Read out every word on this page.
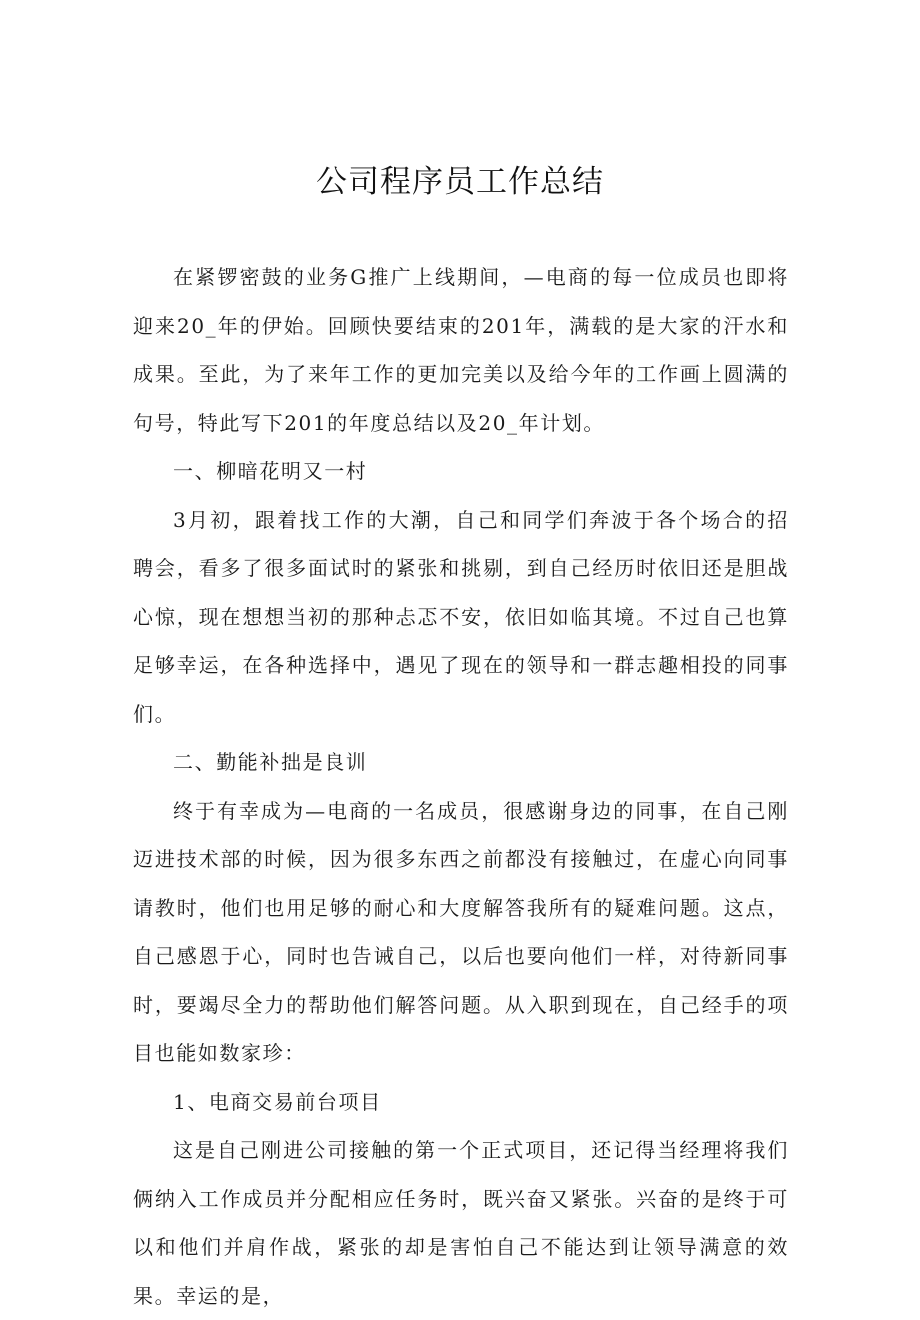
公司程序员工作总结

在紧锣密鼓的业务G推广上线期间，—电商的每一位成员也即将迎来20_年的伊始。回顾快要结束的201年，满载的是大家的汗水和成果。至此，为了来年工作的更加完美以及给今年的工作画上圆满的句号，特此写下201的年度总结以及20_年计划。

一、柳暗花明又一村

3月初，跟着找工作的大潮，自己和同学们奔波于各个场合的招聘会，看多了很多面试时的紧张和挑剔，到自己经历时依旧还是胆战心惊，现在想想当初的那种忐忑不安，依旧如临其境。不过自己也算足够幸运，在各种选择中，遇见了现在的领导和一群志趣相投的同事们。

二、勤能补拙是良训

终于有幸成为—电商的一名成员，很感谢身边的同事，在自己刚迈进技术部的时候，因为很多东西之前都没有接触过，在虚心向同事请教时，他们也用足够的耐心和大度解答我所有的疑难问题。这点，自己感恩于心，同时也告诫自己，以后也要向他们一样，对待新同事时，要竭尽全力的帮助他们解答问题。从入职到现在，自己经手的项目也能如数家珍：

1、电商交易前台项目

这是自己刚进公司接触的第一个正式项目，还记得当经理将我们俩纳入工作成员并分配相应任务时，既兴奋又紧张。兴奋的是终于可以和他们并肩作战，紧张的却是害怕自己不能达到让领导满意的效果。幸运的是，
